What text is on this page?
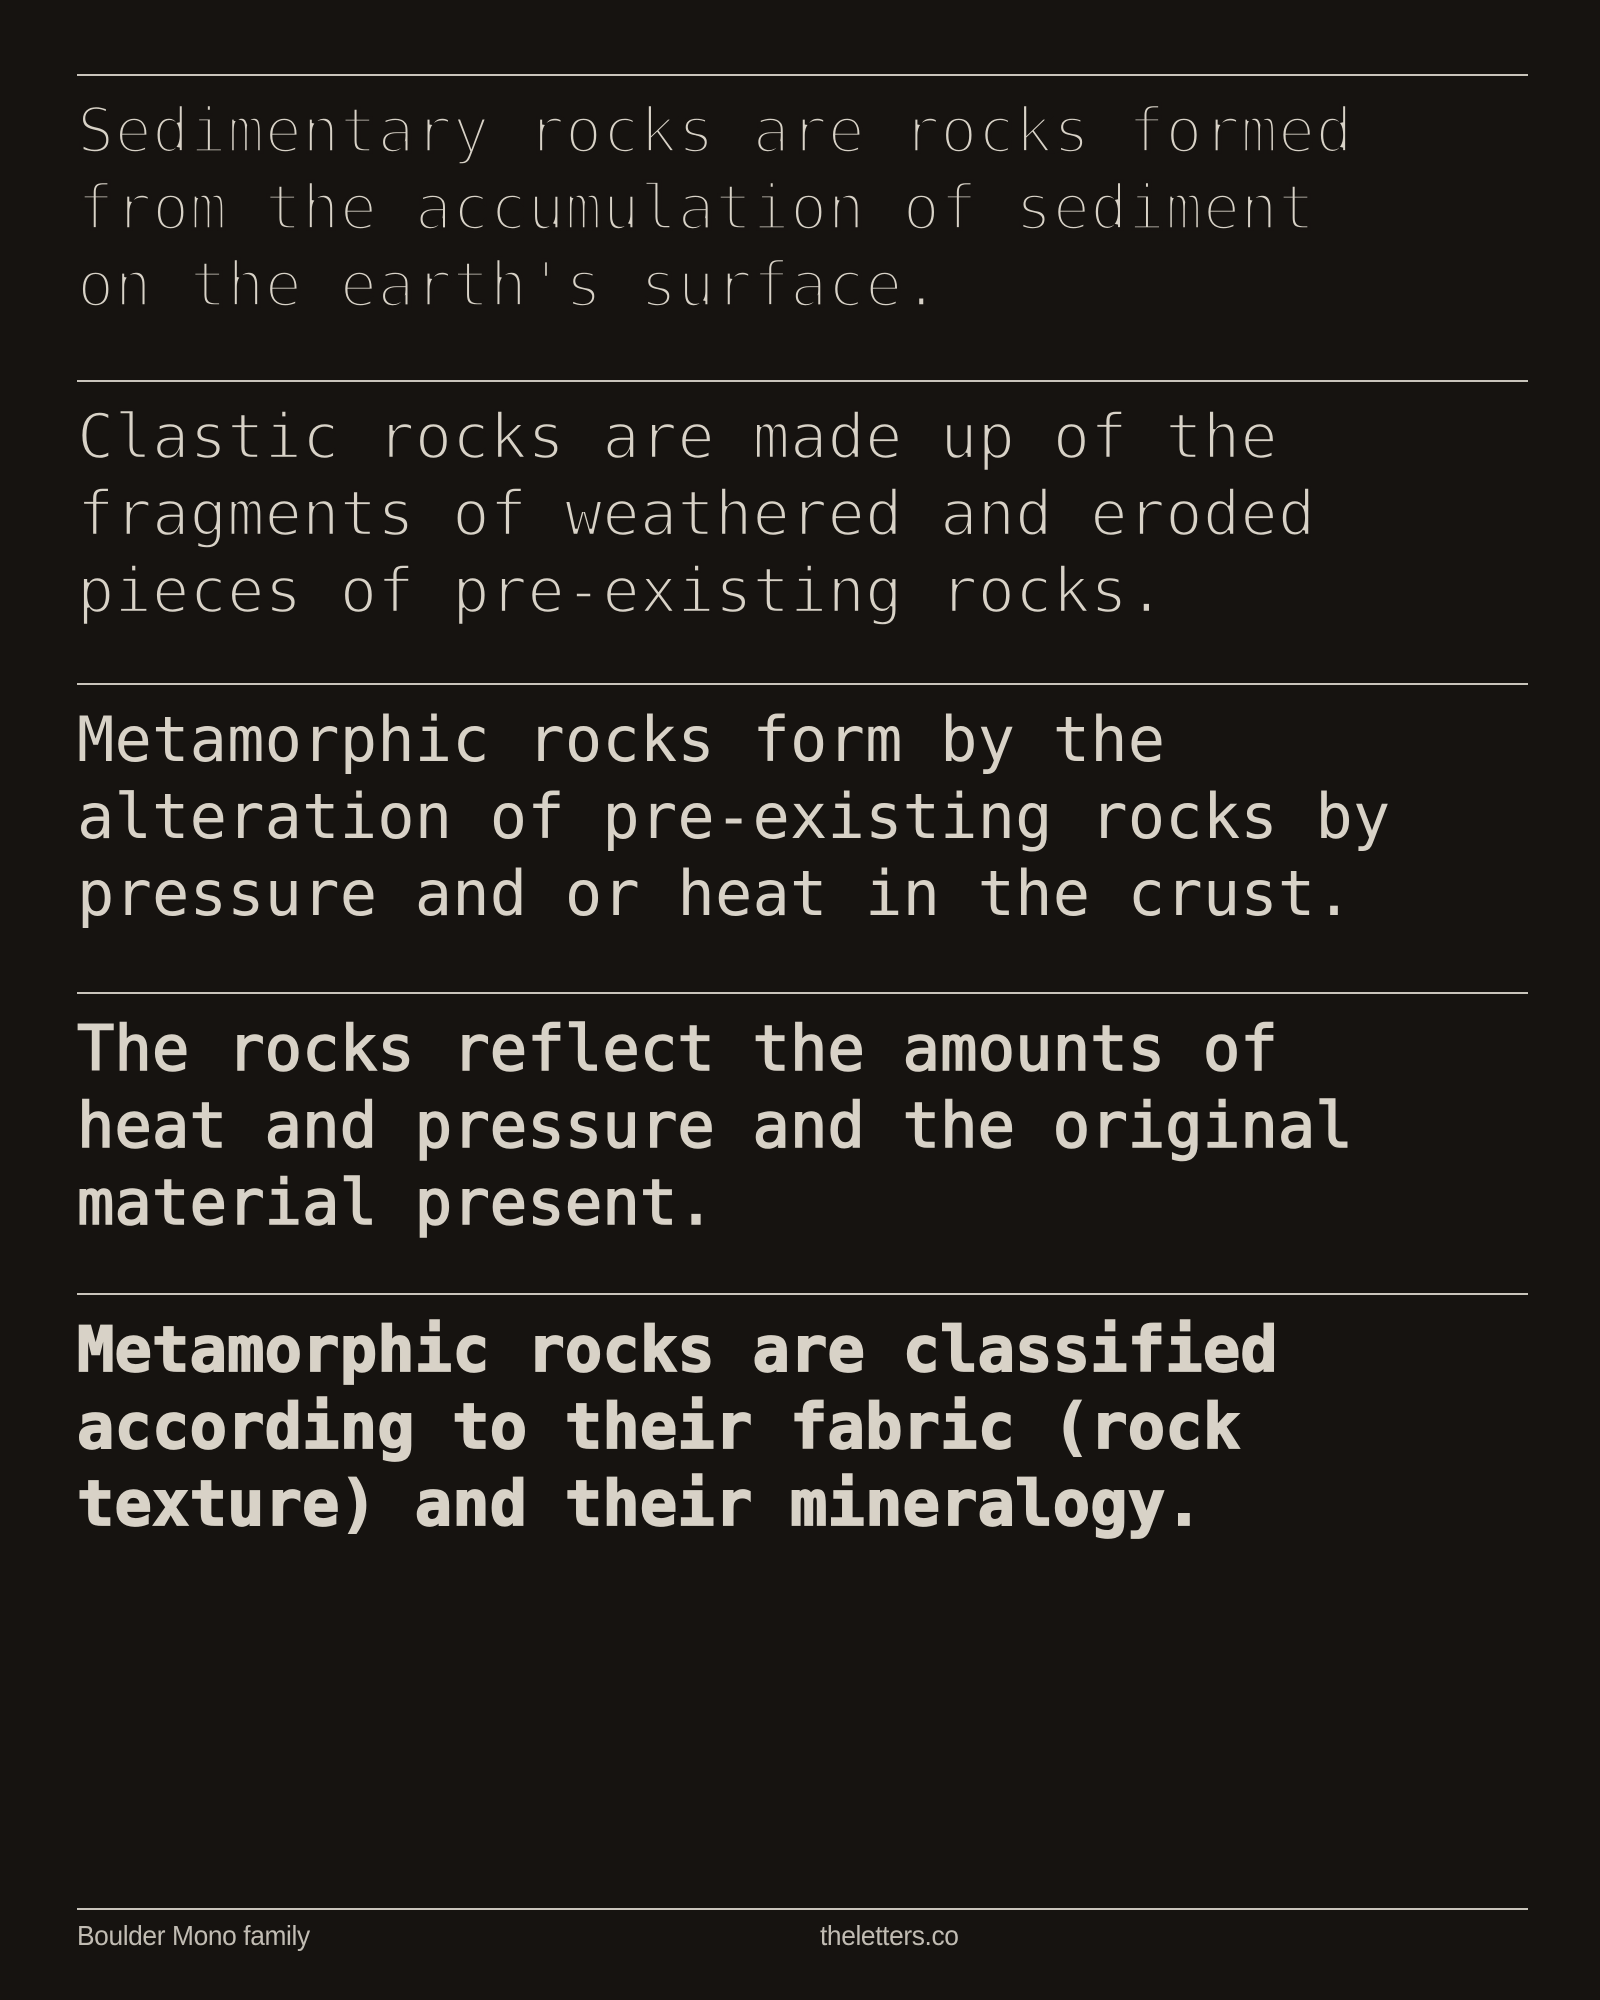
Sedimentary rocks are rocks formed
from the accumulation of sediment
on the earth's surface.
Clastic rocks are made up of the
fragments of weathered and eroded
pieces of pre-existing rocks.
Metamorphic rocks form by the
alteration of pre-existing rocks by
pressure and or heat in the crust.
The rocks reflect the amounts of
heat and pressure and the original
material present.
Metamorphic rocks are classified
according to their fabric (rock
texture) and their mineralogy.
Boulder Mono family	theletters.co
